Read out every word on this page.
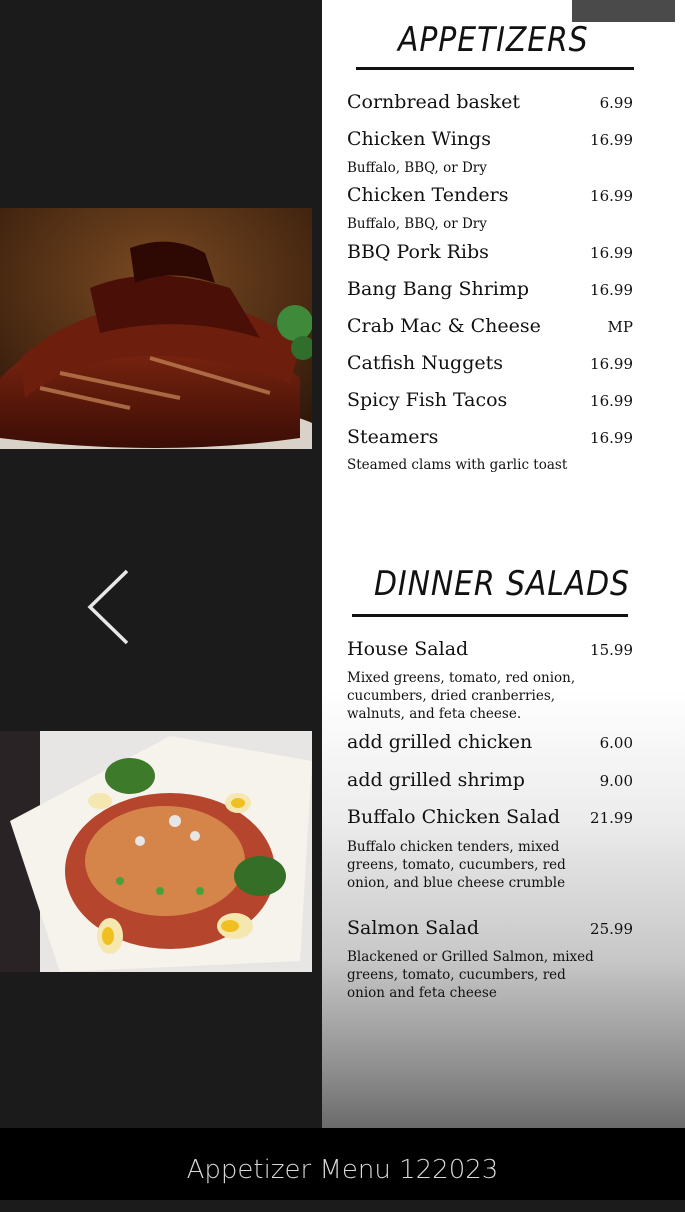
APPETIZERS
Cornbread basket	6.99
Chicken Wings	16.99
Buffalo, BBQ, or Dry
Chicken Tenders	16.99
Buffalo, BBQ, or Dry
BBQ Pork Ribs	16.99
Bang Bang Shrimp	16.99
Crab Mac & Cheese	MP
Catfish Nuggets	16.99
Spicy Fish Tacos	16.99
Steamers	16.99
Steamed clams with garlic toast
DINNER SALADS
House Salad	15.99
Mixed greens, tomato, red onion, cucumbers, dried cranberries, walnuts, and feta cheese.
add grilled chicken	6.00
add grilled shrimp	9.00
Buffalo Chicken Salad 21.99
Buffalo chicken tenders, mixed greens, tomato, cucumbers, red onion, and blue cheese crumble
Salmon Salad	25.99
Blackened or Grilled Salmon, mixed greens, tomato, cucumbers, red onion and feta cheese
Appetizer Menu 122023
